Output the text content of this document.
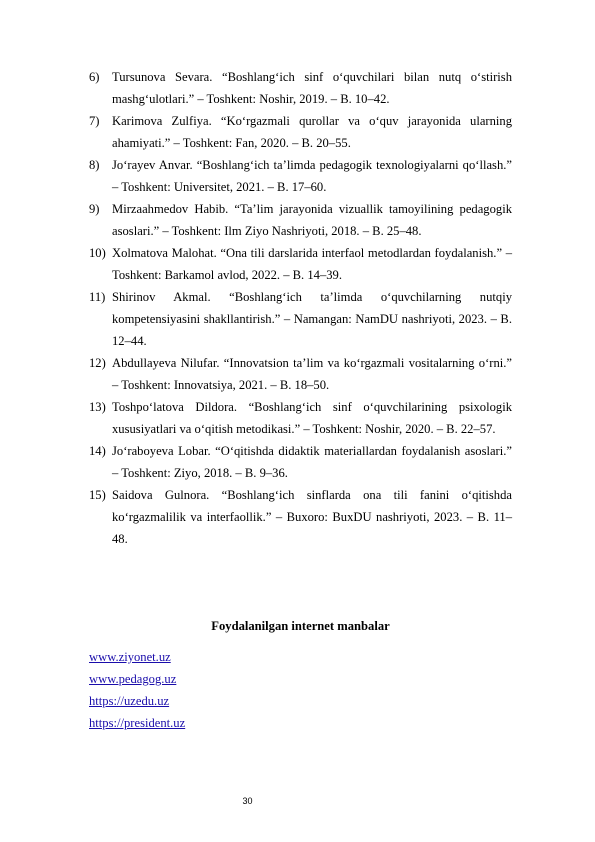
6) Tursunova Sevara. “Boshlang‘ich sinf o‘quvchilari bilan nutq o‘stirish mashg‘ulotlari.” – Toshkent: Noshir, 2019. – B. 10–42.
7) Karimova Zulfiya. “Ko‘rgazmali qurollar va o‘quv jarayonida ularning ahamiyati.” – Toshkent: Fan, 2020. – B. 20–55.
8) Jo‘rayev Anvar. “Boshlang‘ich ta’limda pedagogik texnologiyalarni qo‘llash.” – Toshkent: Universitet, 2021. – B. 17–60.
9) Mirzaahmedov Habib. “Ta’lim jarayonida vizuallik tamoyilining pedagogik asoslari.” – Toshkent: Ilm Ziyo Nashriyoti, 2018. – B. 25–48.
10) Xolmatova Malohat. “Ona tili darslarida interfaol metodlardan foydalanish.” – Toshkent: Barkamol avlod, 2022. – B. 14–39.
11) Shirinov Akmal. “Boshlang‘ich ta’limda o‘quvchilarning nutqiy kompetensiyasini shakllantirish.” – Namangan: NamDU nashriyoti, 2023. – B. 12–44.
12) Abdullayeva Nilufar. “Innovatsion ta’lim va ko‘rgazmali vositalarning o‘rni.” – Toshkent: Innovatsiya, 2021. – B. 18–50.
13) Toshpo‘latova Dildora. “Boshlang‘ich sinf o‘quvchilarining psixologik xususiyatlari va o‘qitish metodikasi.” – Toshkent: Noshir, 2020. – B. 22–57.
14) Jo‘raboyeva Lobar. “O‘qitishda didaktik materiallardan foydalanish asoslari.” – Toshkent: Ziyo, 2018. – B. 9–36.
15) Saidova Gulnora. “Boshlang‘ich sinflarda ona tili fanini o‘qitishda ko‘rgazmalilik va interfaollik.” – Buxoro: BuxDU nashriyoti, 2023. – B. 11–48.
Foydalanilgan internet manbalar
www.ziyonet.uz
www.pedagog.uz
https://uzedu.uz
https://president.uz
30
